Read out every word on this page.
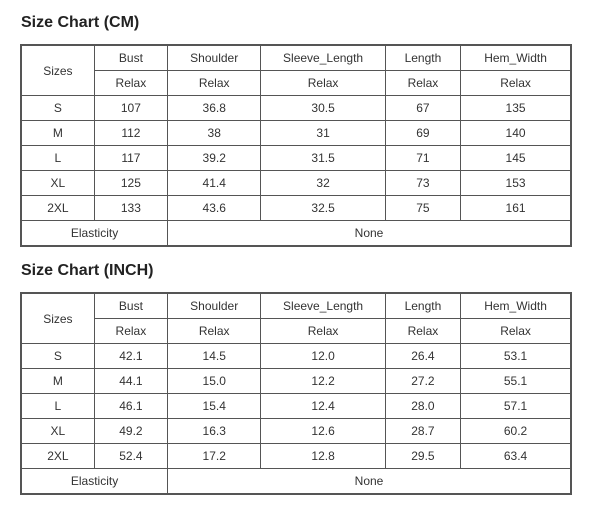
Size Chart (CM)
Sizes	Bust	Shoulder	Sleeve_Length	Length	Hem_Width
	Relax	Relax	Relax	Relax	Relax
S	107	36.8	30.5	67	135
M	112	38	31	69	140
L	117	39.2	31.5	71	145
XL	125	41.4	32	73	153
2XL	133	43.6	32.5	75	161
Elasticity		None			
Size Chart (INCH)
Sizes	Bust	Shoulder	Sleeve_Length	Length	Hem_Width
	Relax	Relax	Relax	Relax	Relax
S	42.1	14.5	12.0	26.4	53.1
M	44.1	15.0	12.2	27.2	55.1
L	46.1	15.4	12.4	28.0	57.1
XL	49.2	16.3	12.6	28.7	60.2
2XL	52.4	17.2	12.8	29.5	63.4
Elasticity		None			
